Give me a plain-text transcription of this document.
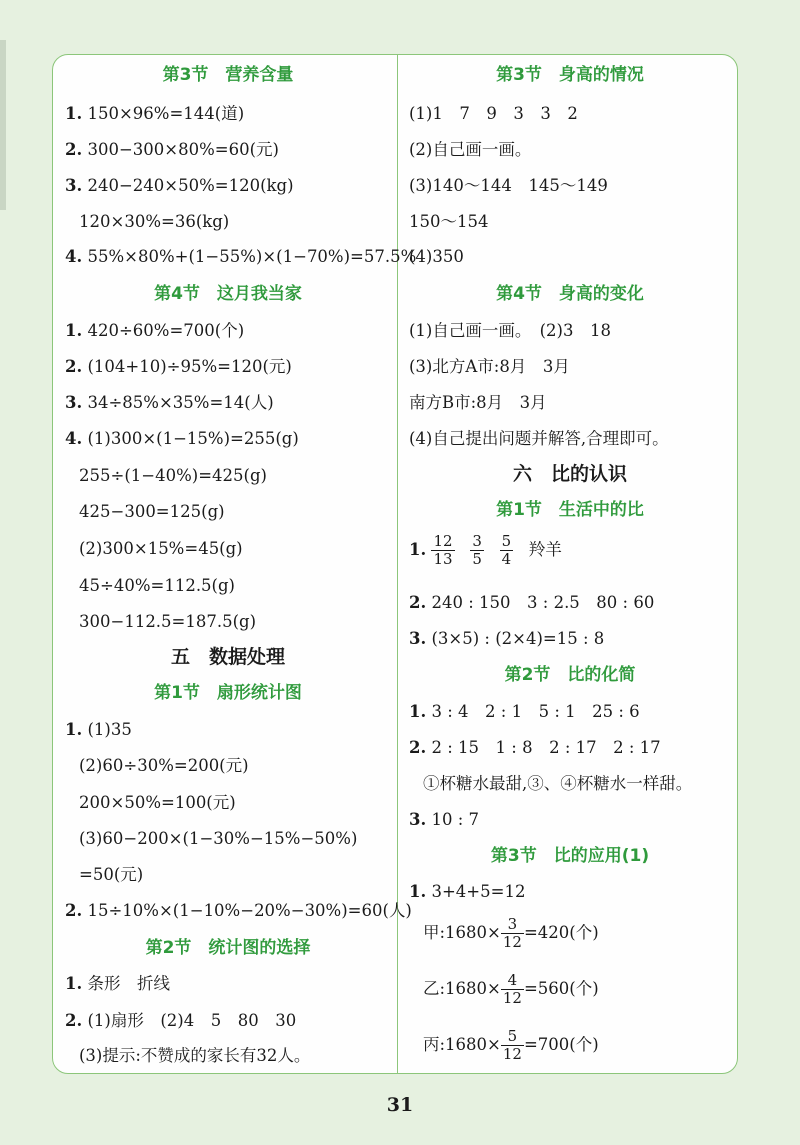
第3节　营养含量
1. 150×96%=144(道)
2. 300−300×80%=60(元)
3. 240−240×50%=120(kg)
120×30%=36(kg)
4. 55%×80%+(1−55%)×(1−70%)=57.5%
第4节　这月我当家
1. 420÷60%=700(个)
2. (104+10)÷95%=120(元)
3. 34÷85%×35%=14(人)
4. (1)300×(1−15%)=255(g)
255÷(1−40%)=425(g)
425−300=125(g)
(2)300×15%=45(g)
45÷40%=112.5(g)
300−112.5=187.5(g)
五　数据处理
第1节　扇形统计图
1. (1)35
(2)60÷30%=200(元)
200×50%=100(元)
(3)60−200×(1−30%−15%−50%)
=50(元)
2. 15÷10%×(1−10%−20%−30%)=60(人)
第2节　统计图的选择
1. 条形　折线
2. (1)扇形　(2)4　5　80　30
(3)提示:不赞成的家长有32人。
第3节　身高的情况
(1)1　7　9　3　3　2
(2)自己画一画。
(3)140〜144　145〜149
150〜154
(4)350
第4节　身高的变化
(1)自己画一画。　(2)3　18
(3)北方A市:8月　3月
南方B市:8月　3月
(4)自己提出问题并解答,合理即可。
六　比的认识
第1节　生活中的比
1. $\frac{12}{13}$
$\frac{3}{5}$
$\frac{5}{4}$ 羚羊
2. 240 : 150　3 : 2.5　80 : 60
3. (3×5) : (2×4)=15 : 8
第2节　比的化简
1. 3 : 4　2 : 1　5 : 1　25 : 6
2. 2 : 15　1 : 8　2 : 17　2 : 17
①杯糖水最甜,③、④杯糖水一样甜。
3. 10 : 7
第3节　比的应用(1)
1. 3+4+5=12
甲:1680× $\frac{3}{12} =420$(个)
乙:1680× $\frac{4}{12} =560$(个)
丙:1680× $\frac{5}{12} =700$(个)
31
